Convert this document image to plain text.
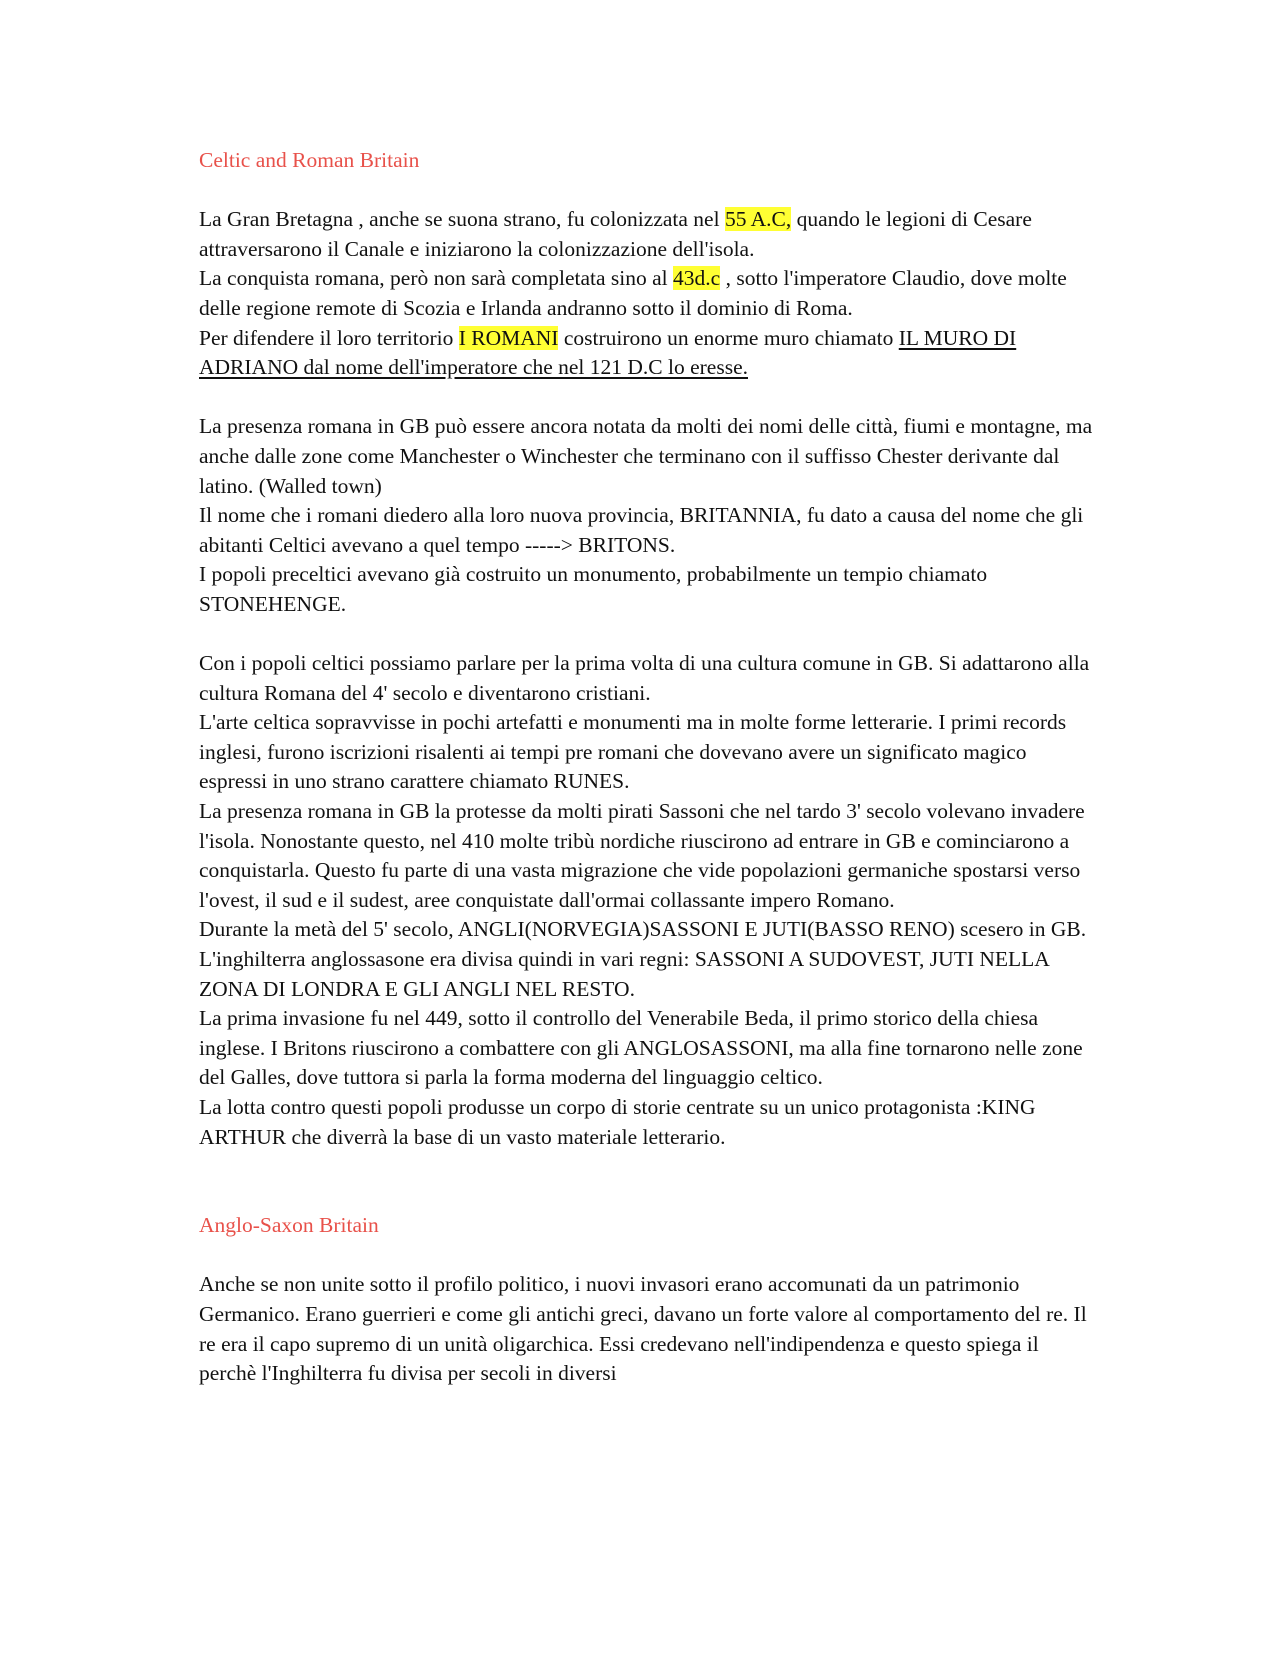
Celtic and Roman Britain

La Gran Bretagna , anche se suona strano, fu colonizzata nel 55 A.C, quando le legioni di Cesare attraversarono il Canale e iniziarono la colonizzazione dell'isola.
La conquista romana, però non sarà completata sino al 43d.c , sotto l'imperatore Claudio, dove molte delle regione remote di Scozia e Irlanda andranno sotto il dominio di Roma.
Per difendere il loro territorio I ROMANI costruirono un enorme muro chiamato IL MURO DI ADRIANO dal nome dell'imperatore che nel 121 D.C lo eresse.
La presenza romana in GB può essere ancora notata da molti dei nomi delle città, fiumi e montagne, ma anche dalle zone come Manchester o Winchester che terminano con il suffisso Chester derivante dal latino. (Walled town)
Il nome che i romani diedero alla loro nuova provincia, BRITANNIA, fu dato a causa del nome che gli abitanti Celtici avevano a quel tempo -----> BRITONS.
I popoli preceltici avevano già costruito un monumento, probabilmente un tempio chiamato STONEHENGE.
Con i popoli celtici possiamo parlare per la prima volta di una cultura comune in GB. Si adattarono alla cultura Romana del 4' secolo e diventarono cristiani.
L'arte celtica sopravvisse in pochi artefatti e monumenti ma in molte forme letterarie. I primi records inglesi, furono iscrizioni risalenti ai tempi pre romani che dovevano avere un significato magico espressi in uno strano carattere chiamato RUNES.
La presenza romana in GB la protesse da molti pirati Sassoni che nel tardo 3' secolo volevano invadere l'isola. Nonostante questo, nel 410 molte tribù nordiche riuscirono ad entrare in GB e cominciarono a conquistarla. Questo fu parte di una vasta migrazione che vide popolazioni germaniche spostarsi verso l'ovest, il sud e il sudest, aree conquistate dall'ormai collassante impero Romano.
Durante la metà del 5' secolo, ANGLI(NORVEGIA)SASSONI E JUTI(BASSO RENO) scesero in GB.
L'inghilterra anglossasone era divisa quindi in vari regni: SASSONI A SUDOVEST, JUTI NELLA ZONA DI LONDRA E GLI ANGLI NEL RESTO.
La prima invasione fu nel 449, sotto il controllo del Venerabile Beda, il primo storico della chiesa inglese. I Britons riuscirono a combattere con gli ANGLOSASSONI, ma alla fine tornarono nelle zone del Galles, dove tuttora si parla la forma moderna del linguaggio celtico.
La lotta contro questi popoli produsse un corpo di storie centrate su un unico protagonista :KING ARTHUR che diverrà la base di un vasto materiale letterario.

Anglo-Saxon Britain

Anche se non unite sotto il profilo politico, i nuovi invasori erano accomunati da un patrimonio Germanico. Erano guerrieri e come gli antichi greci, davano un forte valore al comportamento del re. Il re era il capo supremo di un unità oligarchica. Essi credevano nell'indipendenza e questo spiega il perchè l'Inghilterra fu divisa per secoli in diversi
